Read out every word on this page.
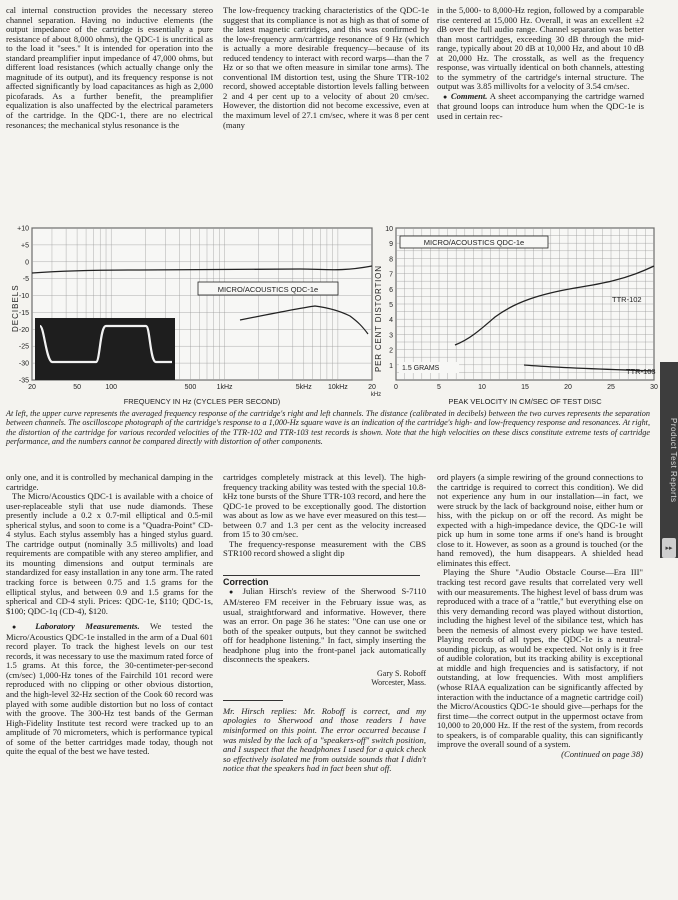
cal internal construction provides the necessary stereo channel separation. Having no inductive elements (the output impedance of the cartridge is essentially a pure resistance of about 8,000 ohms), the QDC-1 is uncritical as to the load it "sees." It is intended for operation into the standard preamplifier input impedance of 47,000 ohms, but different load resistances (which actually change only the magnitude of its output), and its frequency response is not affected significantly by load capacitances as high as 2,000 picofarads. As a further benefit, the preamplifier equalization is also unaffected by the electrical parameters of the cartridge. In the QDC-1, there are no electrical resonances; the mechanical stylus resonance is the

The low-frequency tracking characteristics of the QDC-1e suggest that its compliance is not as high as that of some of the latest magnetic cartridges, and this was confirmed by the low-frequency arm/cartridge resonance of 9 Hz (which is actually a more desirable frequency—because of its reduced tendency to interact with record warps—than the 7 Hz or so that we often measure in similar tone arms). The conventional IM distortion test, using the Shure TTR-102 record, showed acceptable distortion levels falling between 2 and 4 per cent up to a velocity of about 20 cm/sec. However, the distortion did not become excessive, even at the maximum level of 27.1 cm/sec, where it was 8 per cent (many

in the 5,000- to 8,000-Hz region, followed by a comparable rise centered at 15,000 Hz. Overall, it was an excellent ±2 dB over the full audio range. Channel separation was better than most cartridges, exceeding 30 dB through the mid-range, typically about 20 dB at 10,000 Hz, and about 10 dB at 20,000 Hz. The crosstalk, as well as the frequency response, was virtually identical on both channels, attesting to the symmetry of the cartridge's internal structure. The output was 3.85 millivolts for a velocity of 3.54 cm/sec.

● Comment. A sheet accompanying the cartridge warned that ground loops can introduce hum when the QDC-1e is used in certain rec-

+10
+5
0
-5
-10
-15
-20
-25
-30
-35
20	50	100	500	1kHz	5kHz 10kHz	20
kHz
MICRO/ACOUSTICS QDC-1e
DECIBELS
FREQUENCY IN Hz (CYCLES PER SECOND)
10
9
8
7
6
5
4
3
2
1
0	5	10	15	20	25	30
MICRO/ACOUSTICS QDC-1e
TTR-102
TTR-103
1.5 GRAMS
PER CENT DISTORTION
PEAK VELOCITY IN CM/SEC OF TEST DISC

At left, the upper curve represents the averaged frequency response of the cartridge's right and left channels. The distance (calibrated in decibels) between the two curves represents the separation between channels. The oscilloscope photograph of the cartridge's response to a 1,000-Hz square wave is an indication of the cartridge's high- and low-frequency response and resonances. At right, the distortion of the cartridge for various recorded velocities of the TTR-102 and TTR-103 test records is shown. Note that the high velocities on these discs constitute extreme tests of cartridge performance, and the numbers cannot be compared directly with distortion of other components.

only one, and it is controlled by mechanical damping in the cartridge.

The Micro/Acoustics QDC-1 is available with a choice of user-replaceable styli that use nude diamonds. These presently include a 0.2 x 0.7-mil elliptical and 0.5-mil spherical stylus, and soon to come is a "Quadra-Point" CD-4 stylus. Each stylus assembly has a hinged stylus guard. The cartridge output (nominally 3.5 millivolts) and load requirements are compatible with any stereo amplifier, and its mounting dimensions and output terminals are standardized for easy installation in any tone arm. The rated tracking force is between 0.75 and 1.5 grams for the elliptical stylus, and between 0.9 and 1.5 grams for the spherical and CD-4 styli. Prices: QDC-1e, $110; QDC-1s, $100; QDC-1q (CD-4), $120.

● Laboratory Measurements. We tested the Micro/Acoustics QDC-1e installed in the arm of a Dual 601 record player. To track the highest levels on our test records, it was necessary to use the maximum rated force of 1.5 grams. At this force, the 30-centimeter-per-second (cm/sec) 1,000-Hz tones of the Fairchild 101 record were reproduced with no clipping or other obvious distortion, and the high-level 32-Hz section of the Cook 60 record was played with some audible distortion but no loss of contact with the groove. The 300-Hz test bands of the German High-Fidelity Institute test record were tracked up to an amplitude of 70 micrometers, which is performance typical of some of the better cartridges made today, though not quite the equal of the best we have tested.

cartridges completely mistrack at this level). The high-frequency tracking ability was tested with the special 10.8-kHz tone bursts of the Shure TTR-103 record, and here the QDC-1e proved to be exceptionally good. The distortion was about as low as we have ever measured on this test—between 0.7 and 1.3 per cent as the velocity increased from 15 to 30 cm/sec.

The frequency-response measurement with the CBS STR100 record showed a slight dip

Correction

● Julian Hirsch's review of the Sherwood S-7110 AM/stereo FM receiver in the February issue was, as usual, straightforward and informative. However, there was an error. On page 36 he states: "One can use one or both of the speaker outputs, but they cannot be switched off for headphone listening." In fact, simply inserting the headphone plug into the front-panel jack automatically disconnects the speakers.

Gary S. Roboff

Worcester, Mass.

Mr. Hirsch replies: Mr. Roboff is correct, and my apologies to Sherwood and those readers I have misinformed on this point. The error occurred because I was misled by the lack of a "speakers-off" switch position, and I suspect that the headphones I used for a quick check so effectively isolated me from outside sounds that I didn't notice that the speakers had in fact been shut off.

ord players (a simple rewiring of the ground connections to the cartridge is required to correct this condition). We did not experience any hum in our installation—in fact, we were struck by the lack of background noise, either hum or hiss, with the pickup on or off the record. As might be expected with a high-impedance device, the QDC-1e will pick up hum in some tone arms if one's hand is brought close to it. However, as soon as a ground is touched (or the hand removed), the hum disappears. A shielded head eliminates this effect.

Playing the Shure "Audio Obstacle Course—Era III" tracking test record gave results that correlated very well with our measurements. The highest level of bass drum was reproduced with a trace of a "rattle," but everything else on this very demanding record was played without distortion, including the highest level of the sibilance test, which has been the nemesis of almost every pickup we have tested. Playing records of all types, the QDC-1e is a neutral-sounding pickup, as would be expected. Not only is it free of audible coloration, but its tracking ability is exceptional at middle and high frequencies and is satisfactory, if not outstanding, at low frequencies. With most amplifiers (whose RIAA equalization can be significantly affected by interaction with the inductance of a magnetic cartridge coil) the Micro/Acoustics QDC-1e should give—perhaps for the first time—the correct output in the uppermost octave from 10,000 to 20,000 Hz. If the rest of the system, from records to speakers, is of comparable quality, this can significantly improve the overall sound of a system.

(Continued on page 38)

Product Test Reports
▸▸
